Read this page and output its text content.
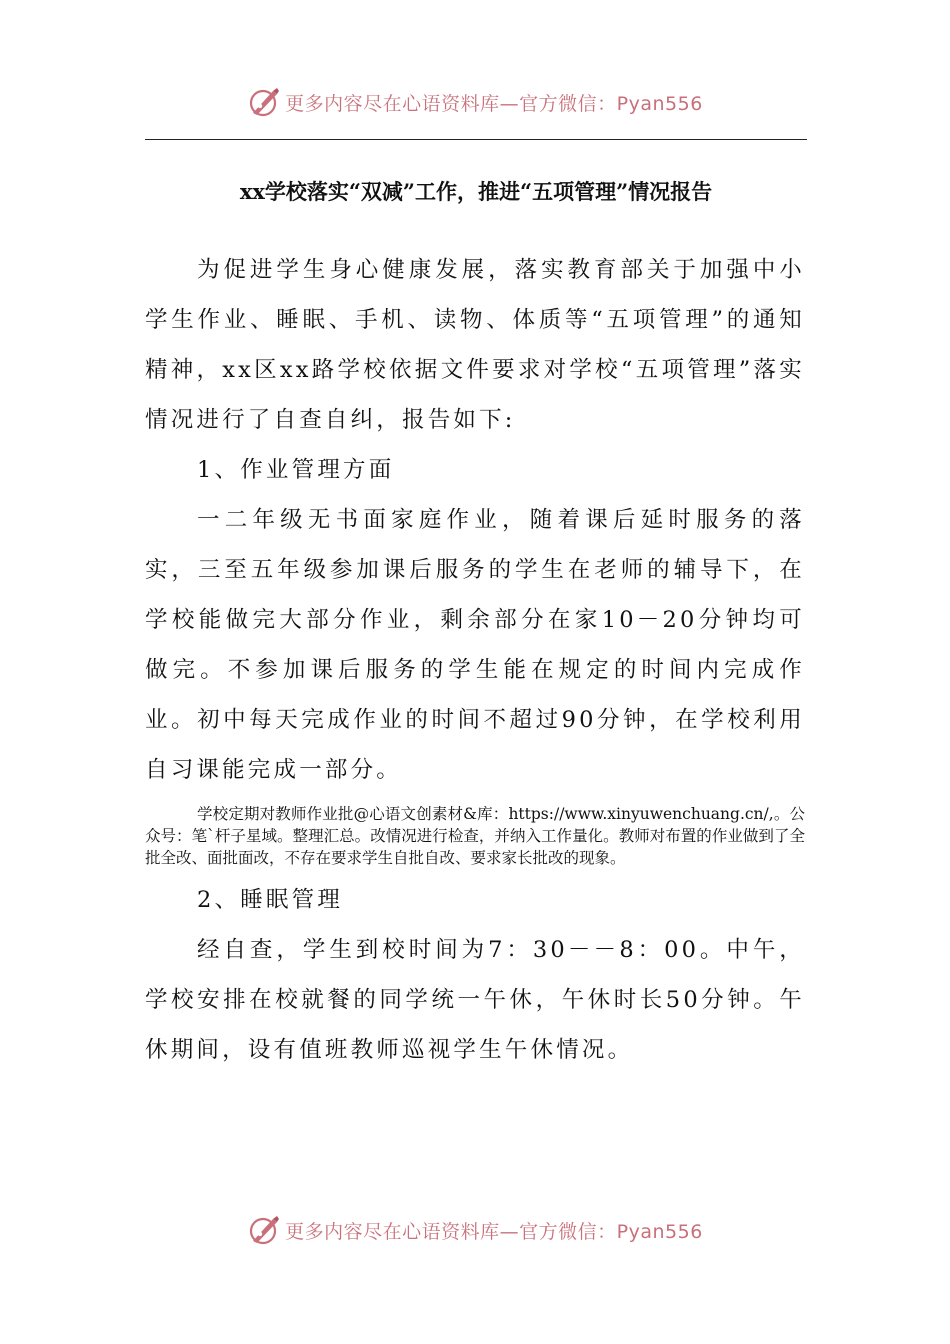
更多内容尽在心语资料库—官方微信：Pyan556
xx学校落实“双减”工作，推进“五项管理”情况报告

为促进学生身心健康发展，落实教育部关于加强中小学生作业、睡眠、手机、读物、体质等“五项管理”的通知精神，xx区xx路学校依据文件要求对学校“五项管理”落实情况进行了自查自纠，报告如下:

1、作业管理方面

一二年级无书面家庭作业，随着课后延时服务的落实，三至五年级参加课后服务的学生在老师的辅导下，在学校能做完大部分作业，剩余部分在家10－20分钟均可做完。不参加课后服务的学生能在规定的时间内完成作业。初中每天完成作业的时间不超过90分钟，在学校利用自习课能完成一部分。

学校定期对教师作业批@心语文创素材&库：https://www.xinyuwenchuang.cn/,。公众号：笔`杆子星域。整理汇总。改情况进行检查，并纳入工作量化。教师对布置的作业做到了全批全改、面批面改，不存在要求学生自批自改、要求家长批改的现象。

2、睡眠管理

经自查，学生到校时间为7：30－－8：00。中午，学校安排在校就餐的同学统一午休，午休时长50分钟。午休期间，设有值班教师巡视学生午休情况。

更多内容尽在心语资料库—官方微信：Pyan556
